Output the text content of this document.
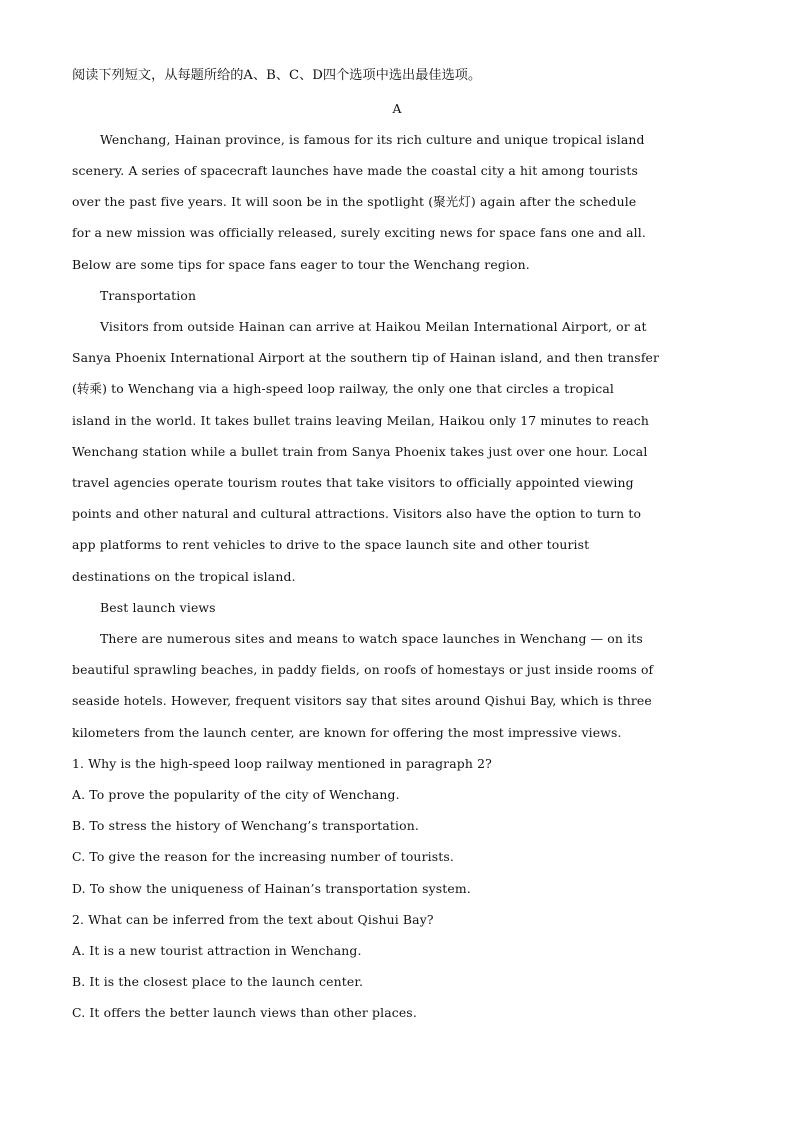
阅读下列短文，从每题所给的A、B、C、D四个选项中选出最佳选项。
A
Wenchang, Hainan province, is famous for its rich culture and unique tropical island
scenery. A series of spacecraft launches have made the coastal city a hit among tourists
over the past five years. It will soon be in the spotlight (聚光灯) again after the schedule
for a new mission was officially released, surely exciting news for space fans one and all.
Below are some tips for space fans eager to tour the Wenchang region.
Transportation
Visitors from outside Hainan can arrive at Haikou Meilan International Airport, or at
Sanya Phoenix International Airport at the southern tip of Hainan island, and then transfer
(转乘) to Wenchang via a high-speed loop railway, the only one that circles a tropical
island in the world. It takes bullet trains leaving Meilan, Haikou only 17 minutes to reach
Wenchang station while a bullet train from Sanya Phoenix takes just over one hour. Local
travel agencies operate tourism routes that take visitors to officially appointed viewing
points and other natural and cultural attractions. Visitors also have the option to turn to
app platforms to rent vehicles to drive to the space launch site and other tourist
destinations on the tropical island.
Best launch views
There are numerous sites and means to watch space launches in Wenchang — on its
beautiful sprawling beaches, in paddy fields, on roofs of homestays or just inside rooms of
seaside hotels. However, frequent visitors say that sites around Qishui Bay, which is three
kilometers from the launch center, are known for offering the most impressive views.
1. Why is the high-speed loop railway mentioned in paragraph 2?
A. To prove the popularity of the city of Wenchang.
B. To stress the history of Wenchang’s transportation.
C. To give the reason for the increasing number of tourists.
D. To show the uniqueness of Hainan’s transportation system.
2. What can be inferred from the text about Qishui Bay?
A. It is a new tourist attraction in Wenchang.
B. It is the closest place to the launch center.
C. It offers the better launch views than other places.
